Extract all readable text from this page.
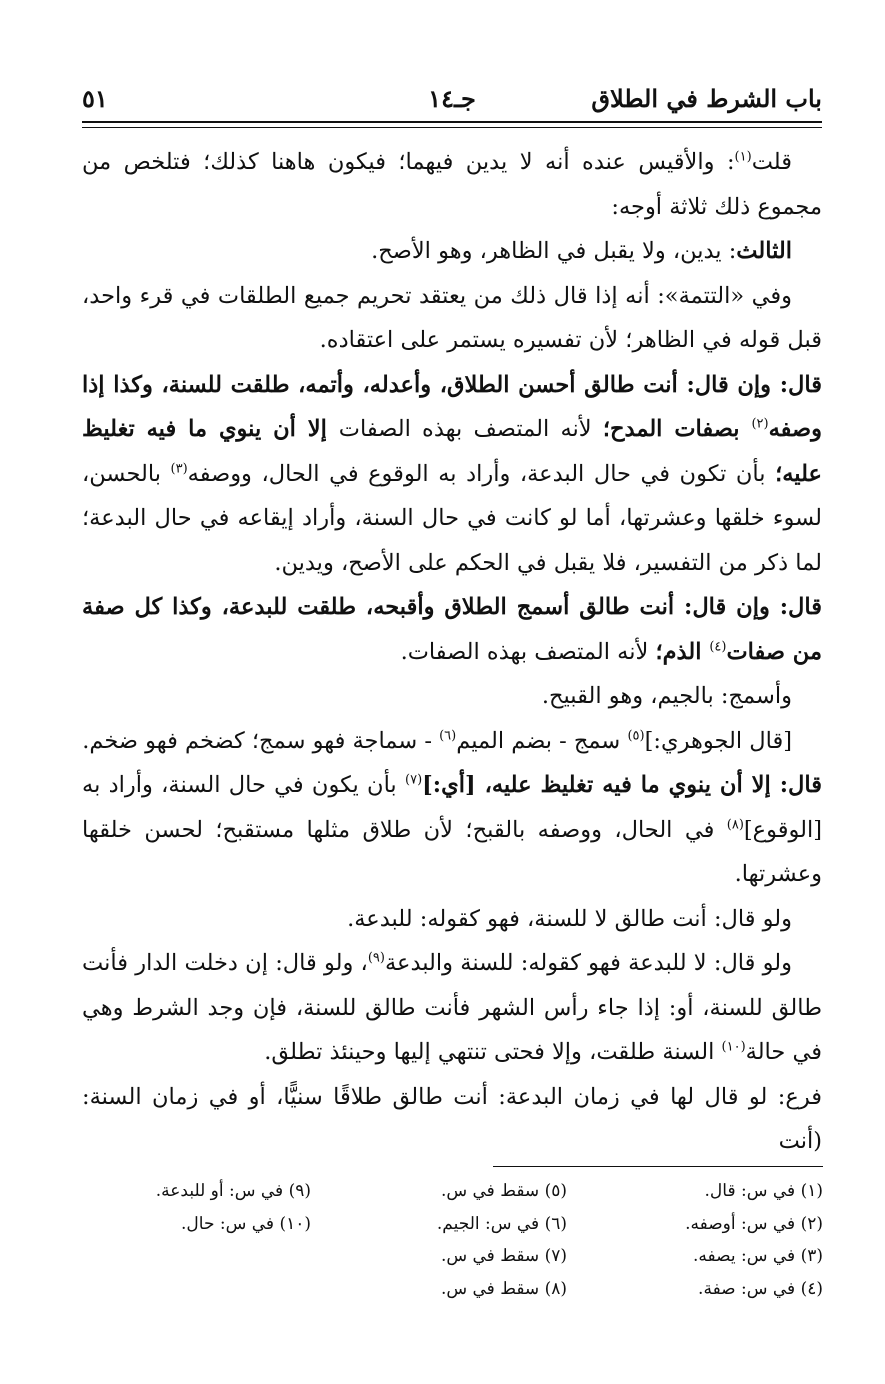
باب الشرط في الطلاق
جـ١٤
٥١

قلت$^{(١)}$: والأقيس عنده أنه لا يدين فيهما؛ فيكون هاهنا كذلك؛ فتلخص من مجموع ذلك ثلاثة أوجه:

الثالث: يدين، ولا يقبل في الظاهر، وهو الأصح.

وفي «التتمة»: أنه إذا قال ذلك من يعتقد تحريم جميع الطلقات في قرء واحد، قبل قوله في الظاهر؛ لأن تفسيره يستمر على اعتقاده.

قال: وإن قال: أنت طالق أحسن الطلاق، وأعدله، وأتمه، طلقت للسنة، وكذا إذا وصفه$^{(٢)}$ بصفات المدح؛ لأنه المتصف بهذه الصفات إلا أن ينوي ما فيه تغليظ عليه؛ بأن تكون في حال البدعة، وأراد به الوقوع في الحال، ووصفه$^{(٣)}$ بالحسن، لسوء خلقها وعشرتها، أما لو كانت في حال السنة، وأراد إيقاعه في حال البدعة؛ لما ذكر من التفسير، فلا يقبل في الحكم على الأصح، ويدين.

قال: وإن قال: أنت طالق أسمج الطلاق وأقبحه، طلقت للبدعة، وكذا كل صفة من صفات$^{(٤)}$ الذم؛ لأنه المتصف بهذه الصفات.

وأسمج: بالجيم، وهو القبيح.

[قال الجوهري:]$^{(٥)}$ سمج - بضم الميم$^{(٦)}$ - سماجة فهو سمج؛ كضخم فهو ضخم.

قال: إلا أن ينوي ما فيه تغليظ عليه، [أي:]$^{(٧)}$ بأن يكون في حال السنة، وأراد به [الوقوع]$^{(٨)}$ في الحال، ووصفه بالقبح؛ لأن طلاق مثلها مستقبح؛ لحسن خلقها وعشرتها.

ولو قال: أنت طالق لا للسنة، فهو كقوله: للبدعة.

ولو قال: لا للبدعة فهو كقوله: للسنة والبدعة$^{(٩)}$، ولو قال: إن دخلت الدار فأنت طالق للسنة، أو: إذا جاء رأس الشهر فأنت طالق للسنة، فإن وجد الشرط وهي في حالة$^{(١٠)}$ السنة طلقت، وإلا فحتى تنتهي إليها وحينئذ تطلق.

فرع: لو قال لها في زمان البدعة: أنت طالق طلاقًا سنيًّا، أو في زمان السنة: (أنت

(١) في س: قال.
(٥) سقط في س.
(٩) في س: أو للبدعة.
(٢) في س: أوصفه.
(٦) في س: الجيم.
(١٠) في س: حال.
(٣) في س: يصفه.
(٧) سقط في س.
(٤) في س: صفة.
(٨) سقط في س.
